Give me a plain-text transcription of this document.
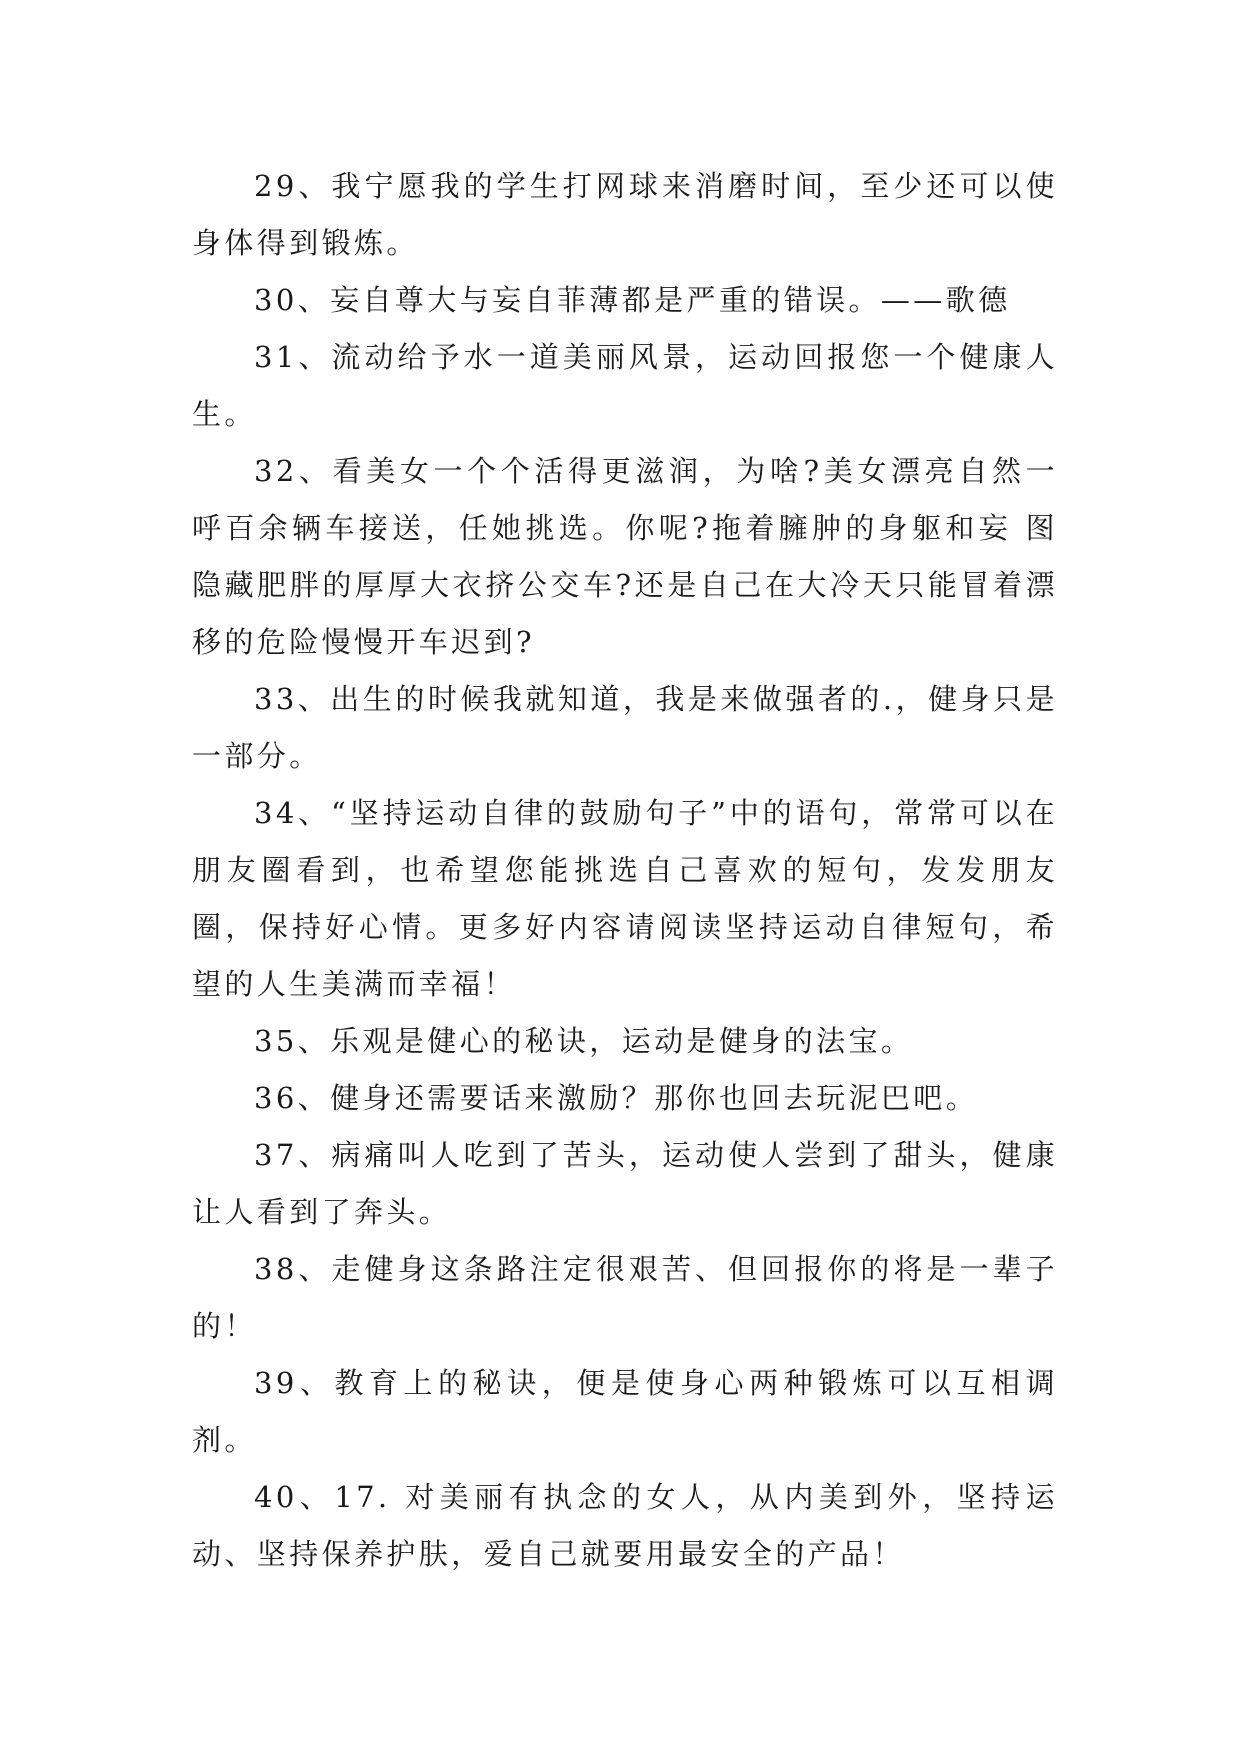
29、我宁愿我的学生打网球来消磨时间，至少还可以使身体得到锻炼。

30、妄自尊大与妄自菲薄都是严重的错误。——歌德

31、流动给予水一道美丽风景，运动回报您一个健康人生。

32、看美女一个个活得更滋润，为啥?美女漂亮自然一呼百余辆车接送，任她挑选。你呢?拖着臃肿的身躯和妄 图隐藏肥胖的厚厚大衣挤公交车?还是自己在大冷天只能冒着漂移的危险慢慢开车迟到?

33、出生的时候我就知道，我是来做强者的.，健身只是一部分。

34、“坚持运动自律的鼓励句子”中的语句，常常可以在朋友圈看到，也希望您能挑选自己喜欢的短句，发发朋友圈，保持好心情。更多好内容请阅读坚持运动自律短句，希望的人生美满而幸福！

35、乐观是健心的秘诀，运动是健身的法宝。

36、健身还需要话来激励？那你也回去玩泥巴吧。

37、病痛叫人吃到了苦头，运动使人尝到了甜头，健康让人看到了奔头。

38、走健身这条路注定很艰苦、但回报你的将是一辈子的！

39、教育上的秘诀，便是使身心两种锻炼可以互相调剂。

40、17. 对美丽有执念的女人，从内美到外，坚持运动、坚持保养护肤，爱自己就要用最安全的产品！
